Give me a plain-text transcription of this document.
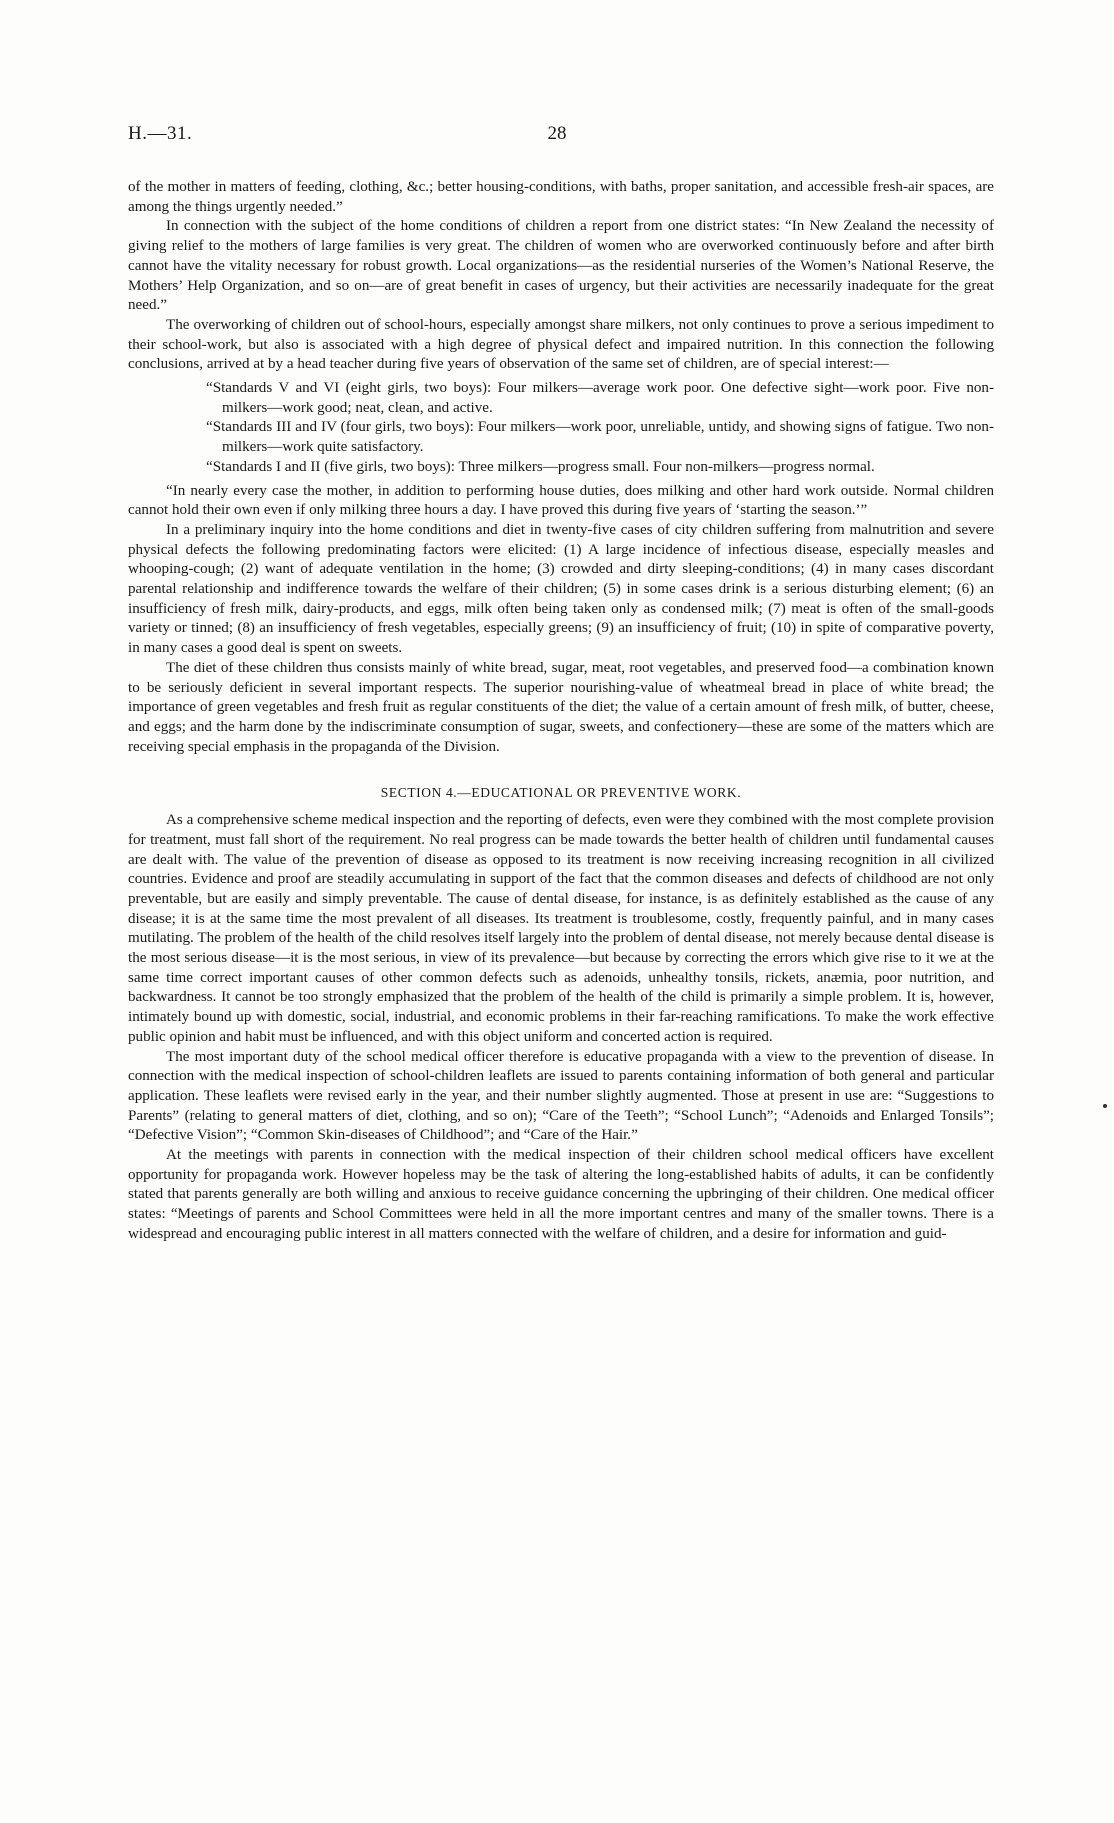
H.—31.	28

of the mother in matters of feeding, clothing, &c.; better housing-conditions, with baths, proper sanitation, and accessible fresh-air spaces, are among the things urgently needed.”

In connection with the subject of the home conditions of children a report from one district states: “In New Zealand the necessity of giving relief to the mothers of large families is very great. The children of women who are overworked continuously before and after birth cannot have the vitality necessary for robust growth. Local organizations—as the residential nurseries of the Women’s National Reserve, the Mothers’ Help Organization, and so on—are of great benefit in cases of urgency, but their activities are necessarily inadequate for the great need.”

The overworking of children out of school-hours, especially amongst share milkers, not only continues to prove a serious impediment to their school-work, but also is associated with a high degree of physical defect and impaired nutrition. In this connection the following conclusions, arrived at by a head teacher during five years of observation of the same set of children, are of special interest:—

“Standards V and VI (eight girls, two boys): Four milkers—average work poor. One defective sight—work poor. Five non-milkers—work good; neat, clean, and active.

“Standards III and IV (four girls, two boys): Four milkers—work poor, unreliable, untidy, and showing signs of fatigue. Two non-milkers—work quite satisfactory.

“Standards I and II (five girls, two boys): Three milkers—progress small. Four non-milkers—progress normal.

“In nearly every case the mother, in addition to performing house duties, does milking and other hard work outside. Normal children cannot hold their own even if only milking three hours a day. I have proved this during five years of ‘starting the season.’”

In a preliminary inquiry into the home conditions and diet in twenty-five cases of city children suffering from malnutrition and severe physical defects the following predominating factors were elicited: (1) A large incidence of infectious disease, especially measles and whooping-cough; (2) want of adequate ventilation in the home; (3) crowded and dirty sleeping-conditions; (4) in many cases discordant parental relationship and indifference towards the welfare of their children; (5) in some cases drink is a serious disturbing element; (6) an insufficiency of fresh milk, dairy-products, and eggs, milk often being taken only as condensed milk; (7) meat is often of the small-goods variety or tinned; (8) an insufficiency of fresh vegetables, especially greens; (9) an insufficiency of fruit; (10) in spite of comparative poverty, in many cases a good deal is spent on sweets.

The diet of these children thus consists mainly of white bread, sugar, meat, root vegetables, and preserved food—a combination known to be seriously deficient in several important respects. The superior nourishing-value of wheatmeal bread in place of white bread; the importance of green vegetables and fresh fruit as regular constituents of the diet; the value of a certain amount of fresh milk, of butter, cheese, and eggs; and the harm done by the indiscriminate consumption of sugar, sweets, and confectionery—these are some of the matters which are receiving special emphasis in the propaganda of the Division.

SECTION 4.—EDUCATIONAL OR PREVENTIVE WORK.

As a comprehensive scheme medical inspection and the reporting of defects, even were they combined with the most complete provision for treatment, must fall short of the requirement. No real progress can be made towards the better health of children until fundamental causes are dealt with. The value of the prevention of disease as opposed to its treatment is now receiving increasing recognition in all civilized countries. Evidence and proof are steadily accumulating in support of the fact that the common diseases and defects of childhood are not only preventable, but are easily and simply preventable. The cause of dental disease, for instance, is as definitely established as the cause of any disease; it is at the same time the most prevalent of all diseases. Its treatment is troublesome, costly, frequently painful, and in many cases mutilating. The problem of the health of the child resolves itself largely into the problem of dental disease, not merely because dental disease is the most serious disease—it is the most serious, in view of its prevalence—but because by correcting the errors which give rise to it we at the same time correct important causes of other common defects such as adenoids, unhealthy tonsils, rickets, anæmia, poor nutrition, and backwardness. It cannot be too strongly emphasized that the problem of the health of the child is primarily a simple problem. It is, however, intimately bound up with domestic, social, industrial, and economic problems in their far-reaching ramifications. To make the work effective public opinion and habit must be influenced, and with this object uniform and concerted action is required.

The most important duty of the school medical officer therefore is educative propaganda with a view to the prevention of disease. In connection with the medical inspection of school-children leaflets are issued to parents containing information of both general and particular application. These leaflets were revised early in the year, and their number slightly augmented. Those at present in use are: “Suggestions to Parents” (relating to general matters of diet, clothing, and so on); “Care of the Teeth”; “School Lunch”; “Adenoids and Enlarged Tonsils”; “Defective Vision”; “Common Skin-diseases of Childhood”; and “Care of the Hair.”

At the meetings with parents in connection with the medical inspection of their children school medical officers have excellent opportunity for propaganda work. However hopeless may be the task of altering the long-established habits of adults, it can be confidently stated that parents generally are both willing and anxious to receive guidance concerning the upbringing of their children. One medical officer states: “Meetings of parents and School Committees were held in all the more important centres and many of the smaller towns. There is a widespread and encouraging public interest in all matters connected with the welfare of children, and a desire for information and guid-
